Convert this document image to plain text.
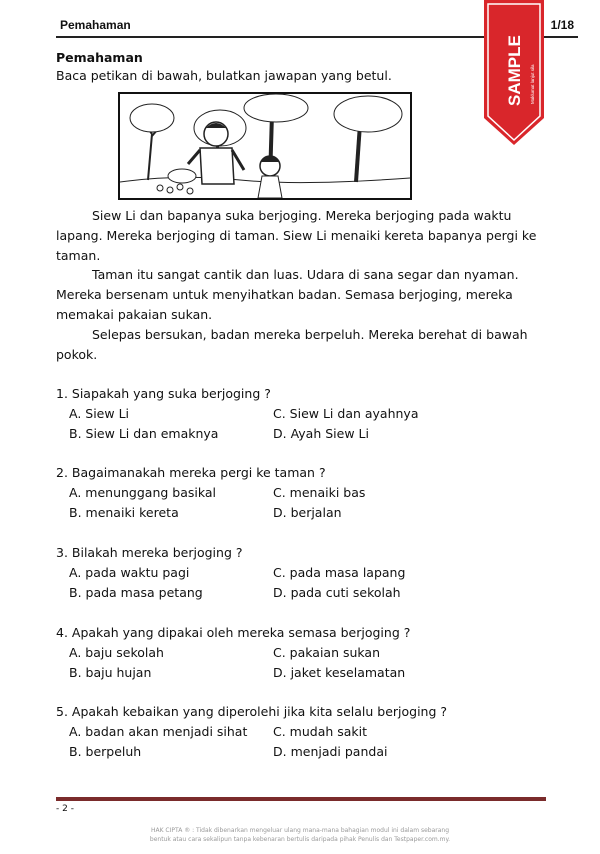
Pemahaman	1/18
SAMPLE Maklumat lanjut sila
Pemahaman
Baca petikan di bawah, bulatkan jawapan yang betul.
Siew Li dan bapanya suka berjoging. Mereka berjoging pada waktu lapang. Mereka berjoging di taman. Siew Li menaiki kereta bapanya pergi ke taman.
Taman itu sangat cantik dan luas. Udara di sana segar dan nyaman. Mereka bersenam untuk menyihatkan badan. Semasa berjoging, mereka memakai pakaian sukan.
Selepas bersukan, badan mereka berpeluh. Mereka berehat di bawah pokok.
1. Siapakah yang suka berjoging ?
A. Siew Li	C. Siew Li dan ayahnya
B. Siew Li dan emaknya	D. Ayah Siew Li
2. Bagaimanakah mereka pergi ke taman ?
A. menunggang basikal	C. menaiki bas
B. menaiki kereta	D. berjalan
3. Bilakah mereka berjoging ?
A. pada waktu pagi	C. pada masa lapang
B. pada masa petang	D. pada cuti sekolah
4. Apakah yang dipakai oleh mereka semasa berjoging ?
A. baju sekolah	C. pakaian sukan
B. baju hujan	D. jaket keselamatan
5. Apakah kebaikan yang diperolehi jika kita selalu berjoging ?
A. badan akan menjadi sihat C. mudah sakit
B. berpeluh	D. menjadi pandai
- 2 -
HAK CIPTA ® : Tidak dibenarkan mengeluar ulang mana-mana bahagian modul ini dalam sebarang
bentuk atau cara sekalipun tanpa kebenaran bertulis daripada pihak Penulis dan Testpaper.com.my.
